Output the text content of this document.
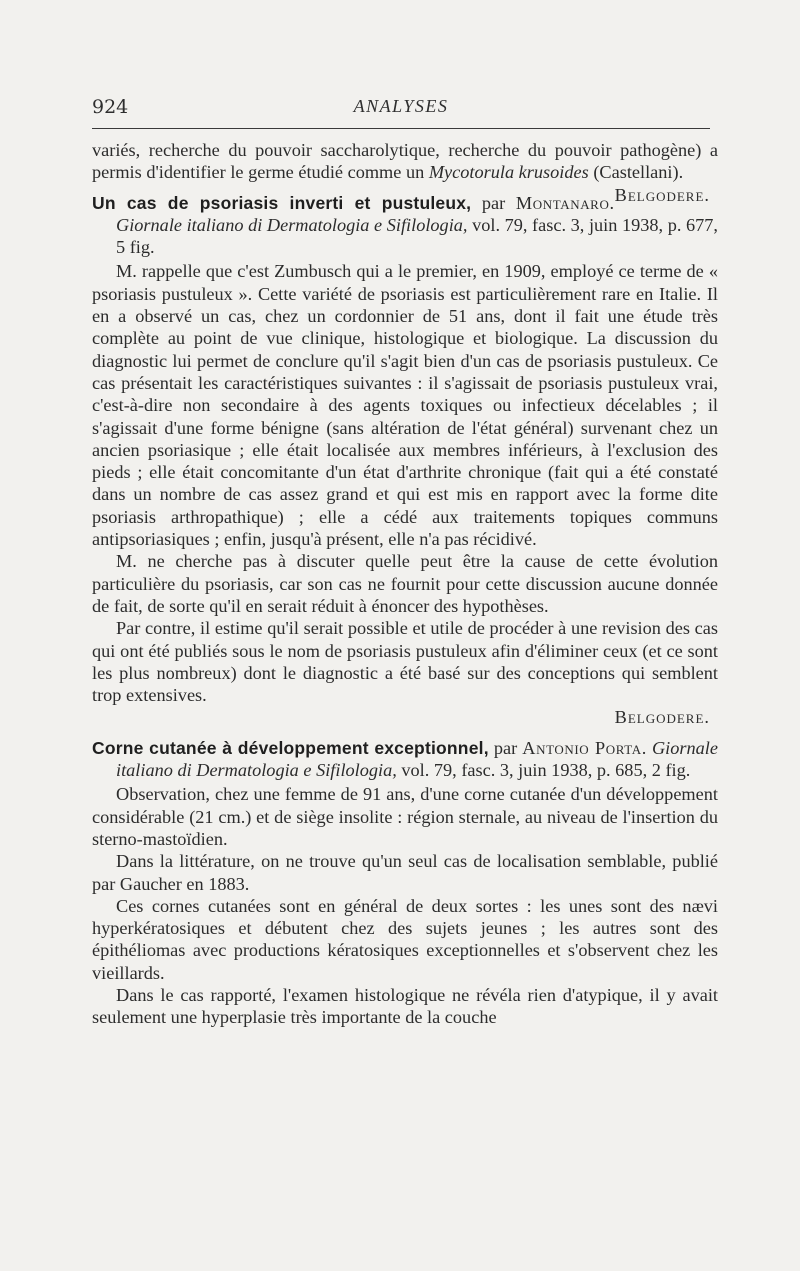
924	ANALYSES

variés, recherche du pouvoir saccharolytique, recherche du pouvoir pathogène) a permis d'identifier le germe étudié comme un Mycotorula krusoides (Castellani).
Belgodere.

Un cas de psoriasis inverti et pustuleux, par Montanaro. Giornale italiano di Dermatologia e Sifilologia, vol. 79, fasc. 3, juin 1938, p. 677, 5 fig.

M. rappelle que c'est Zumbusch qui a le premier, en 1909, employé ce terme de « psoriasis pustuleux ». Cette variété de psoriasis est particulièrement rare en Italie. Il en a observé un cas, chez un cordonnier de 51 ans, dont il fait une étude très complète au point de vue clinique, histologique et biologique. La discussion du diagnostic lui permet de conclure qu'il s'agit bien d'un cas de psoriasis pustuleux. Ce cas présentait les caractéristiques suivantes : il s'agissait de psoriasis pustuleux vrai, c'est-à-dire non secondaire à des agents toxiques ou infectieux décelables ; il s'agissait d'une forme bénigne (sans altération de l'état général) survenant chez un ancien psoriasique ; elle était localisée aux membres inférieurs, à l'exclusion des pieds ; elle était concomitante d'un état d'arthrite chronique (fait qui a été constaté dans un nombre de cas assez grand et qui est mis en rapport avec la forme dite psoriasis arthropathique) ; elle a cédé aux traitements topiques communs antipsoriasiques ; enfin, jusqu'à présent, elle n'a pas récidivé.

M. ne cherche pas à discuter quelle peut être la cause de cette évolution particulière du psoriasis, car son cas ne fournit pour cette discussion aucune donnée de fait, de sorte qu'il en serait réduit à énoncer des hypothèses.

Par contre, il estime qu'il serait possible et utile de procéder à une revision des cas qui ont été publiés sous le nom de psoriasis pustuleux afin d'éliminer ceux (et ce sont les plus nombreux) dont le diagnostic a été basé sur des conceptions qui semblent trop extensives.

Belgodere.

Corne cutanée à développement exceptionnel, par Antonio Porta. Giornale italiano di Dermatologia e Sifilologia, vol. 79, fasc. 3, juin 1938, p. 685, 2 fig.

Observation, chez une femme de 91 ans, d'une corne cutanée d'un développement considérable (21 cm.) et de siège insolite : région sternale, au niveau de l'insertion du sterno-mastoïdien.

Dans la littérature, on ne trouve qu'un seul cas de localisation semblable, publié par Gaucher en 1883.

Ces cornes cutanées sont en général de deux sortes : les unes sont des nævi hyperkératosiques et débutent chez des sujets jeunes ; les autres sont des épithéliomas avec productions kératosiques exceptionnelles et s'observent chez les vieillards.

Dans le cas rapporté, l'examen histologique ne révéla rien d'atypique, il y avait seulement une hyperplasie très importante de la couche
